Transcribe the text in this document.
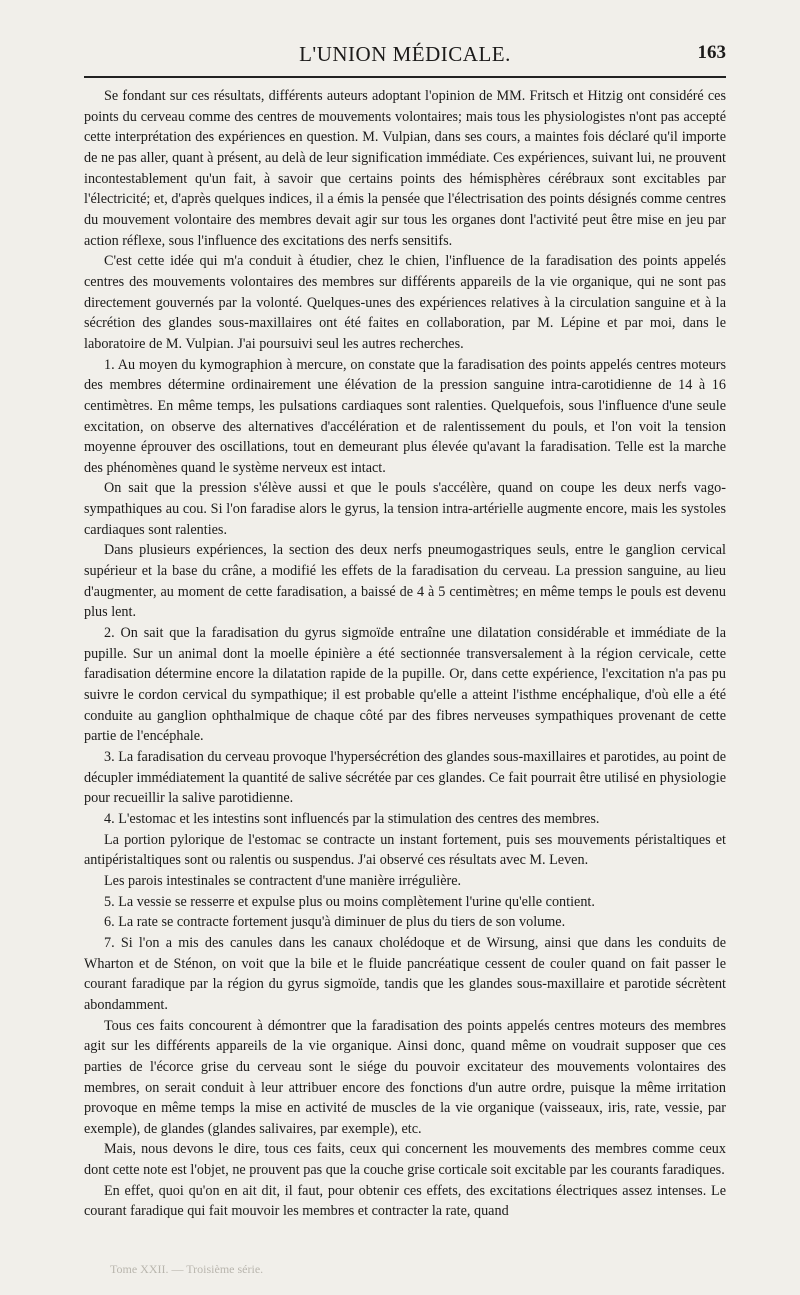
L'UNION MÉDICALE.	163

Se fondant sur ces résultats, différents auteurs adoptant l'opinion de MM. Fritsch et Hitzig ont considéré ces points du cerveau comme des centres de mouvements volontaires; mais tous les physiologistes n'ont pas accepté cette interprétation des expériences en question. M. Vulpian, dans ses cours, a maintes fois déclaré qu'il importe de ne pas aller, quant à présent, au delà de leur signification immédiate. Ces expériences, suivant lui, ne prouvent incontestablement qu'un fait, à savoir que certains points des hémisphères cérébraux sont excitables par l'électricité; et, d'après quelques indices, il a émis la pensée que l'électrisation des points désignés comme centres du mouvement volontaire des membres devait agir sur tous les organes dont l'activité peut être mise en jeu par action réflexe, sous l'influence des excitations des nerfs sensitifs.

C'est cette idée qui m'a conduit à étudier, chez le chien, l'influence de la faradisation des points appelés centres des mouvements volontaires des membres sur différents appareils de la vie organique, qui ne sont pas directement gouvernés par la volonté. Quelques-unes des expériences relatives à la circulation sanguine et à la sécrétion des glandes sous-maxillaires ont été faites en collaboration, par M. Lépine et par moi, dans le laboratoire de M. Vulpian. J'ai poursuivi seul les autres recherches.

1. Au moyen du kymographion à mercure, on constate que la faradisation des points appelés centres moteurs des membres détermine ordinairement une élévation de la pression sanguine intra-carotidienne de 14 à 16 centimètres. En même temps, les pulsations cardiaques sont ralenties. Quelquefois, sous l'influence d'une seule excitation, on observe des alternatives d'accélération et de ralentissement du pouls, et l'on voit la tension moyenne éprouver des oscillations, tout en demeurant plus élevée qu'avant la faradisation. Telle est la marche des phénomènes quand le système nerveux est intact.

On sait que la pression s'élève aussi et que le pouls s'accélère, quand on coupe les deux nerfs vago-sympathiques au cou. Si l'on faradise alors le gyrus, la tension intra-artérielle augmente encore, mais les systoles cardiaques sont ralenties.

Dans plusieurs expériences, la section des deux nerfs pneumogastriques seuls, entre le ganglion cervical supérieur et la base du crâne, a modifié les effets de la faradisation du cerveau. La pression sanguine, au lieu d'augmenter, au moment de cette faradisation, a baissé de 4 à 5 centimètres; en même temps le pouls est devenu plus lent.

2. On sait que la faradisation du gyrus sigmoïde entraîne une dilatation considérable et immédiate de la pupille. Sur un animal dont la moelle épinière a été sectionnée transversalement à la région cervicale, cette faradisation détermine encore la dilatation rapide de la pupille. Or, dans cette expérience, l'excitation n'a pas pu suivre le cordon cervical du sympathique; il est probable qu'elle a atteint l'isthme encéphalique, d'où elle a été conduite au ganglion ophthalmique de chaque côté par des fibres nerveuses sympathiques provenant de cette partie de l'encéphale.

3. La faradisation du cerveau provoque l'hypersécrétion des glandes sous-maxillaires et parotides, au point de décupler immédiatement la quantité de salive sécrétée par ces glandes. Ce fait pourrait être utilisé en physiologie pour recueillir la salive parotidienne.

4. L'estomac et les intestins sont influencés par la stimulation des centres des membres.

La portion pylorique de l'estomac se contracte un instant fortement, puis ses mouvements péristaltiques et antipéristaltiques sont ou ralentis ou suspendus. J'ai observé ces résultats avec M. Leven.

Les parois intestinales se contractent d'une manière irrégulière.

5. La vessie se resserre et expulse plus ou moins complètement l'urine qu'elle contient.

6. La rate se contracte fortement jusqu'à diminuer de plus du tiers de son volume.

7. Si l'on a mis des canules dans les canaux cholédoque et de Wirsung, ainsi que dans les conduits de Wharton et de Sténon, on voit que la bile et le fluide pancréatique cessent de couler quand on fait passer le courant faradique par la région du gyrus sigmoïde, tandis que les glandes sous-maxillaire et parotide sécrètent abondamment.

Tous ces faits concourent à démontrer que la faradisation des points appelés centres moteurs des membres agit sur les différents appareils de la vie organique. Ainsi donc, quand même on voudrait supposer que ces parties de l'écorce grise du cerveau sont le siége du pouvoir excitateur des mouvements volontaires des membres, on serait conduit à leur attribuer encore des fonctions d'un autre ordre, puisque la même irritation provoque en même temps la mise en activité de muscles de la vie organique (vaisseaux, iris, rate, vessie, par exemple), de glandes (glandes salivaires, par exemple), etc.

Mais, nous devons le dire, tous ces faits, ceux qui concernent les mouvements des membres comme ceux dont cette note est l'objet, ne prouvent pas que la couche grise corticale soit excitable par les courants faradiques.

En effet, quoi qu'on en ait dit, il faut, pour obtenir ces effets, des excitations électriques assez intenses. Le courant faradique qui fait mouvoir les membres et contracter la rate, quand

Tome XXII. — Troisième série.
